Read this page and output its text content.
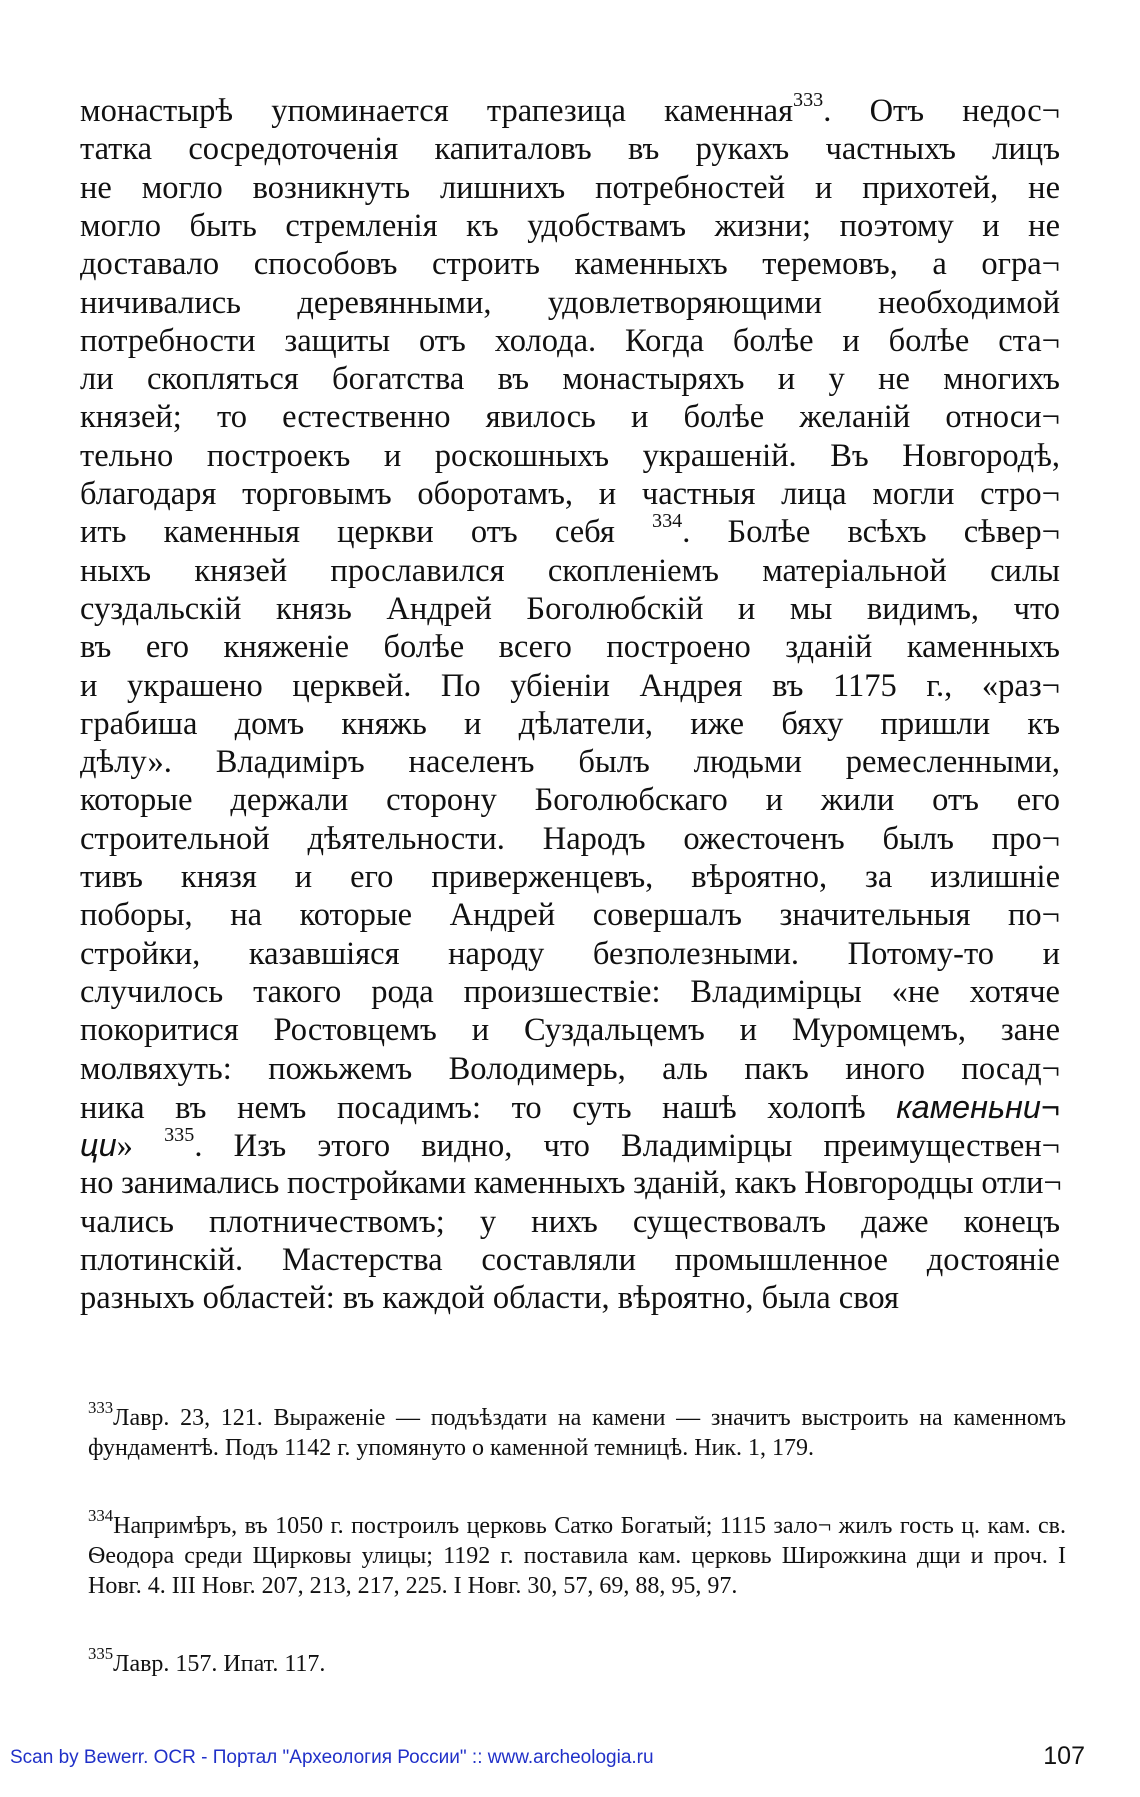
монастырѣ упоминается трапезица каменная$^{333}$. Отъ недос¬
татка сосредоточенія капиталовъ въ рукахъ частныхъ лицъ
не могло возникнуть лишнихъ потребностей и прихотей, не
могло быть стремленія къ удобствамъ жизни; поэтому и не
доставало способовъ строить каменныхъ теремовъ, а огра¬
ничивались деревянными, удовлетворяющими необходимой
потребности защиты отъ холода. Когда болѣе и болѣе ста¬
ли скопляться богатства въ монастыряхъ и у не многихъ
князей; то естественно явилось и болѣе желаній относи¬
тельно построекъ и роскошныхъ украшеній. Въ Новгородѣ,
благодаря торговымъ оборотамъ, и частныя лица могли стро¬
ить каменныя церкви отъ себя $^{334}$. Болѣе всѣхъ сѣвер¬
ныхъ князей прославился скопленіемъ матеріальной силы
суздальскій князь Андрей Боголюбскій и мы видимъ, что
въ его княженіе болѣе всего построено зданій каменныхъ
и украшено церквей. По убіеніи Андрея въ 1175 г., «раз¬
грабиша домъ княжь и дѣлатели, иже бяху пришли къ
дѣлу». Владиміръ населенъ былъ людьми ремесленными,
которые держали сторону Боголюбскаго и жили отъ его
строительной дѣятельности. Народъ ожесточенъ былъ про¬
тивъ князя и его приверженцевъ, вѣроятно, за излишніе
поборы, на которые Андрей совершалъ значительныя по¬
стройки, казавшіяся народу безполезными. Потому-то и
случилось такого рода произшествіе: Владимірцы «не хотяче
покоритися Ростовцемъ и Суздальцемъ и Муромцемъ, зане
молвяхуть: пожьжемъ Володимерь, аль пакъ иного посад¬
ника въ немъ посадимъ: то суть нашѣ холопѣ каменьни¬
ци» $^{335}$. Изъ этого видно, что Владимірцы преимуществен¬
но занимались постройками каменныхъ зданій, какъ Новгородцы отли¬
чались плотничествомъ; у нихъ существовалъ даже конецъ
плотинскій. Мастерства составляли промышленное достояніе
разныхъ областей: въ каждой области, вѣроятно, была своя
$^{333}$Лавр. 23, 121. Выраженіе — подъѣздати на камени — значитъ выстроить на каменномъ фундаментѣ. Подъ 1142 г. упомянуто о каменной темницѣ. Ник. 1, 179.
$^{334}$Напримѣръ, въ 1050 г. построилъ церковь Сатко Богатый; 1115 зало¬ жилъ гость ц. кам. св. Ѳеодора среди Щирковы улицы; 1192 г. поставила кам. церковь Широжкина дщи и проч. І Новг. 4. ІІІ Новг. 207, 213, 217, 225. І Новг. 30, 57, 69, 88, 95, 97.
$^{335}$Лавр. 157. Ипат. 117.
Scan by Bewerr. OCR - Портал "Археология России" :: www.archeologia.ru	107
